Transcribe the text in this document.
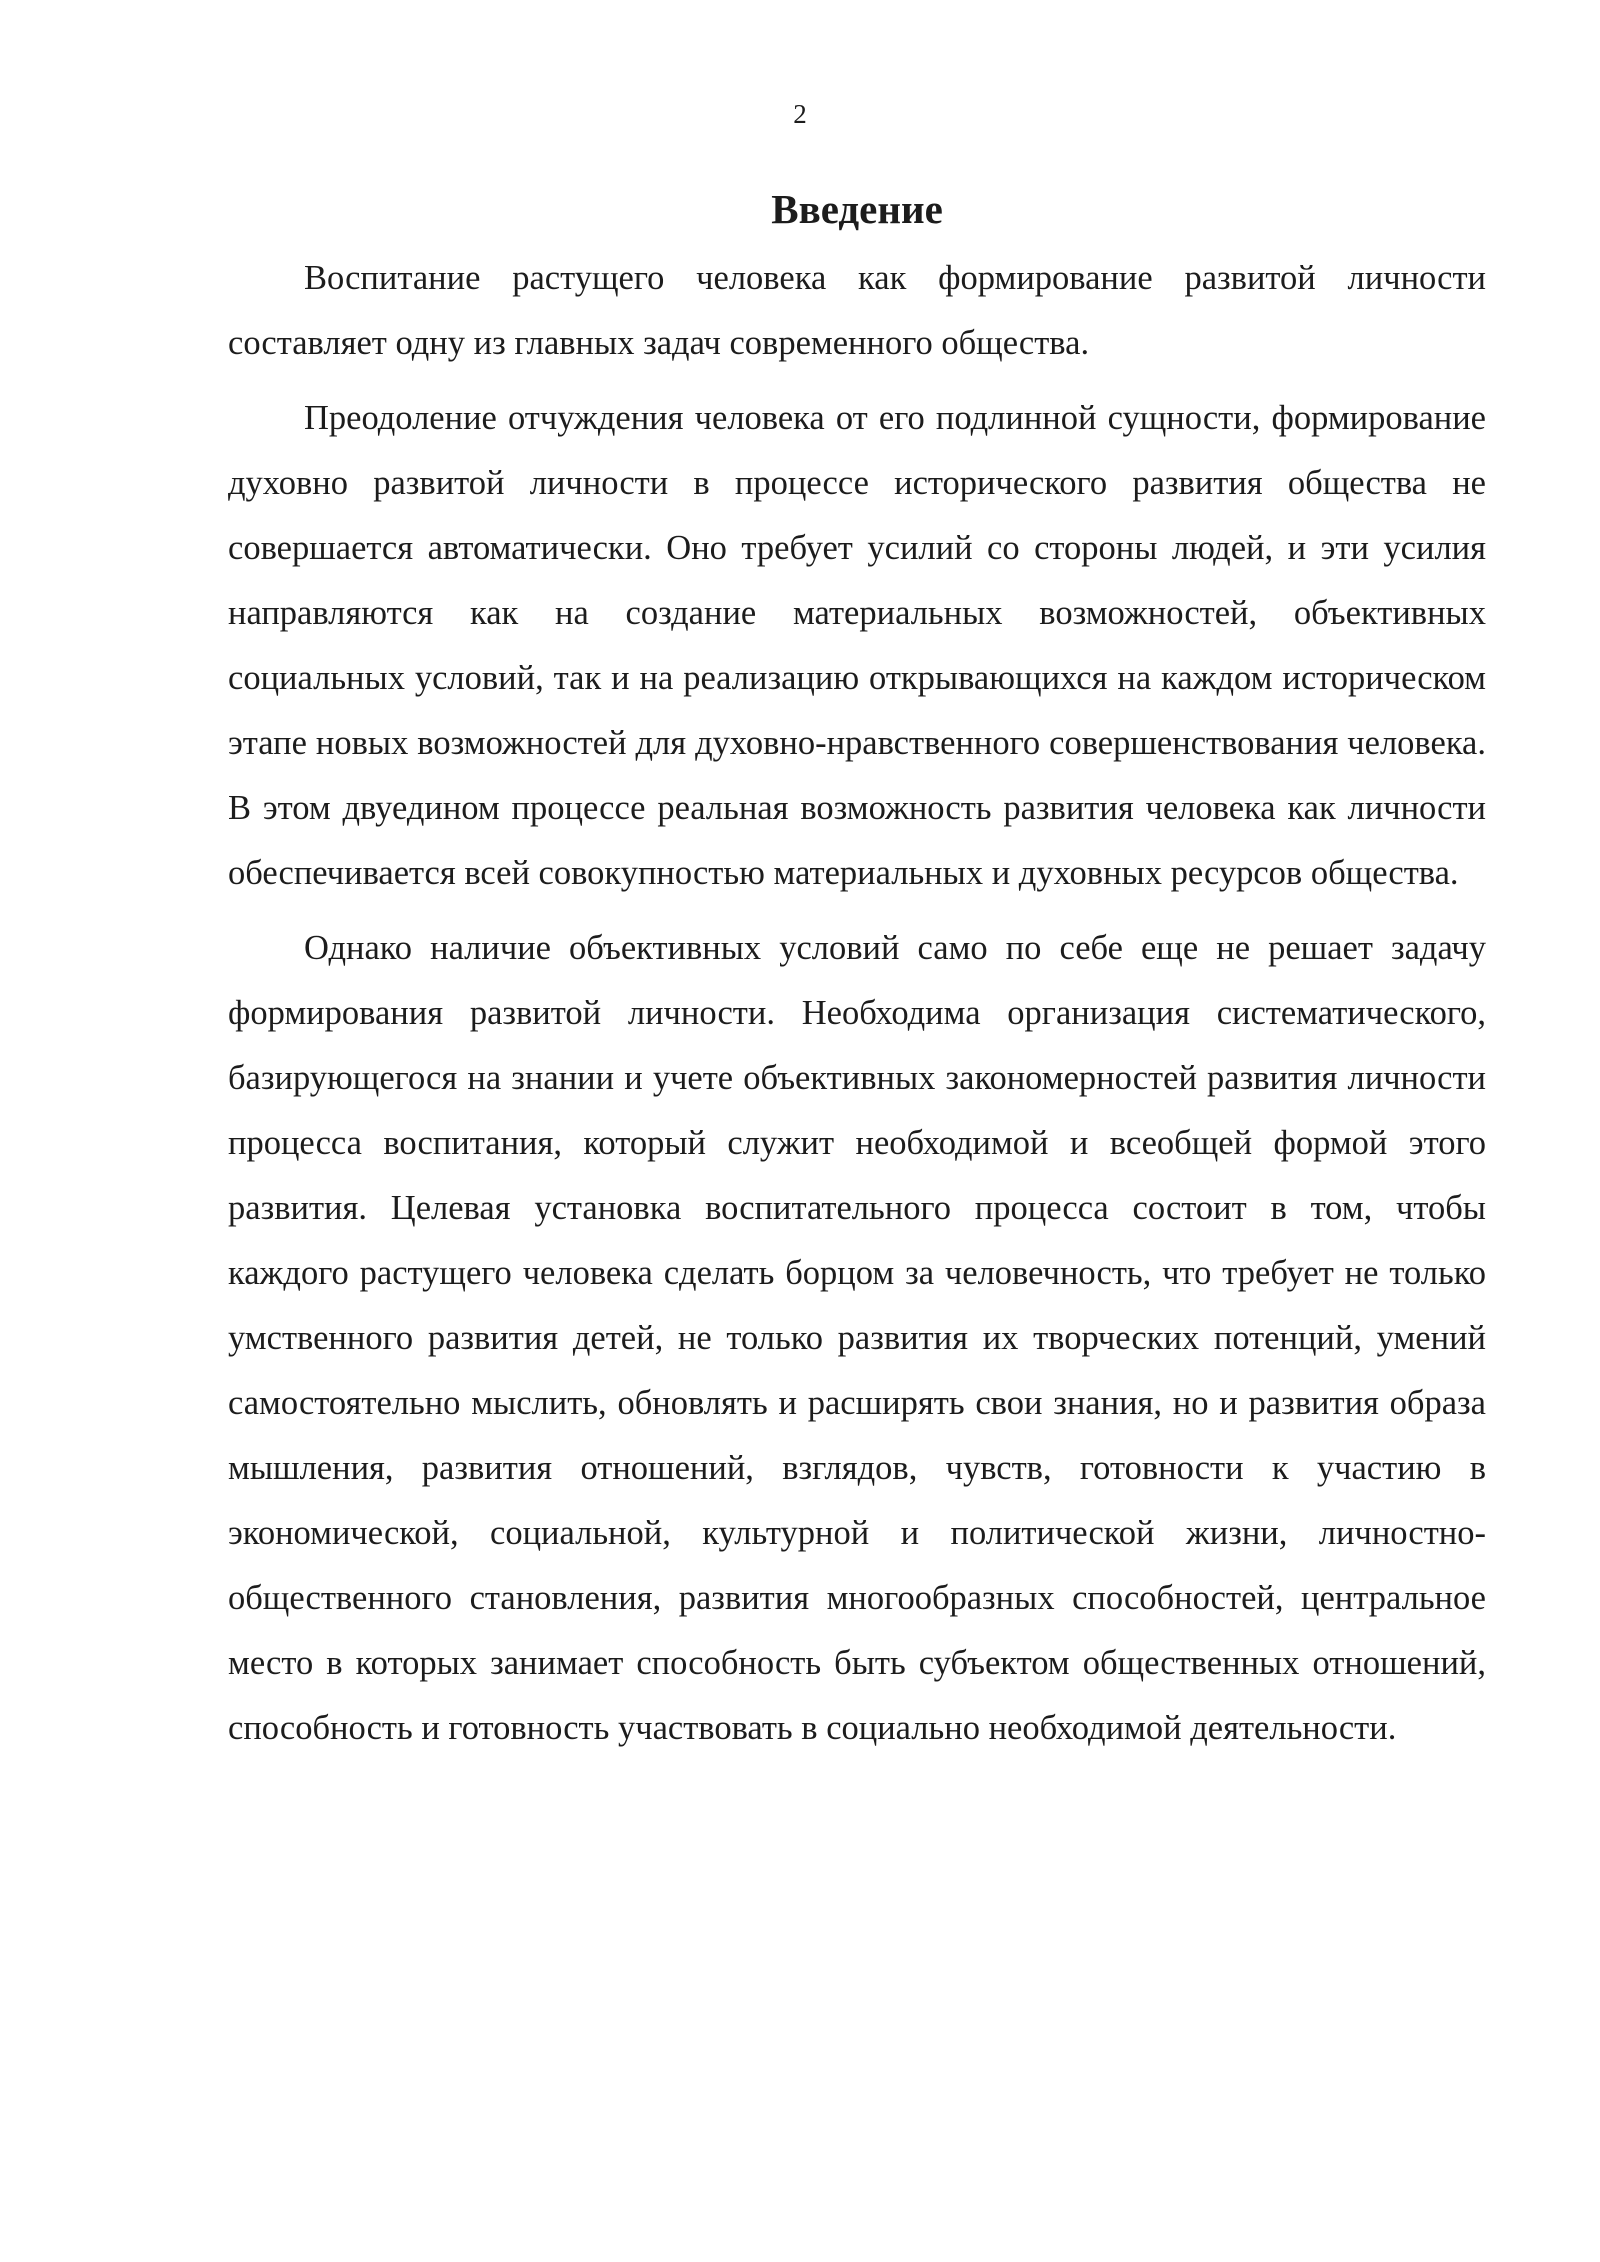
2
Введение

Воспитание растущего человека как формирование развитой личности составляет одну из главных задач современного общества.

Преодоление отчуждения человека от его подлинной сущности, формирование духовно развитой личности в процессе исторического развития общества не совершается автоматически. Оно требует усилий со стороны людей, и эти усилия направляются как на создание материальных возможностей, объективных социальных условий, так и на реализацию открывающихся на каждом историческом этапе новых возможностей для духовно-нравственного совершенствования человека. В этом двуедином процессе реальная возможность развития человека как личности обеспечивается всей совокупностью материальных и духовных ресурсов общества.

Однако наличие объективных условий само по себе еще не решает задачу формирования развитой личности. Необходима организация систематического, базирующегося на знании и учете объективных закономерностей развития личности процесса воспитания, который служит необходимой и всеобщей формой этого развития. Целевая установка воспитательного процесса состоит в том, чтобы каждого растущего человека сделать борцом за человечность, что требует не только умственного развития детей, не только развития их творческих потенций, умений самостоятельно мыслить, обновлять и расширять свои знания, но и развития образа мышления, развития отношений, взглядов, чувств, готовности к участию в экономической, социальной, культурной и политической жизни, личностно-общественного становления, развития многообразных способностей, центральное место в которых занимает способность быть субъектом общественных отношений, способность и готовность участвовать в социально необходимой деятельности.
